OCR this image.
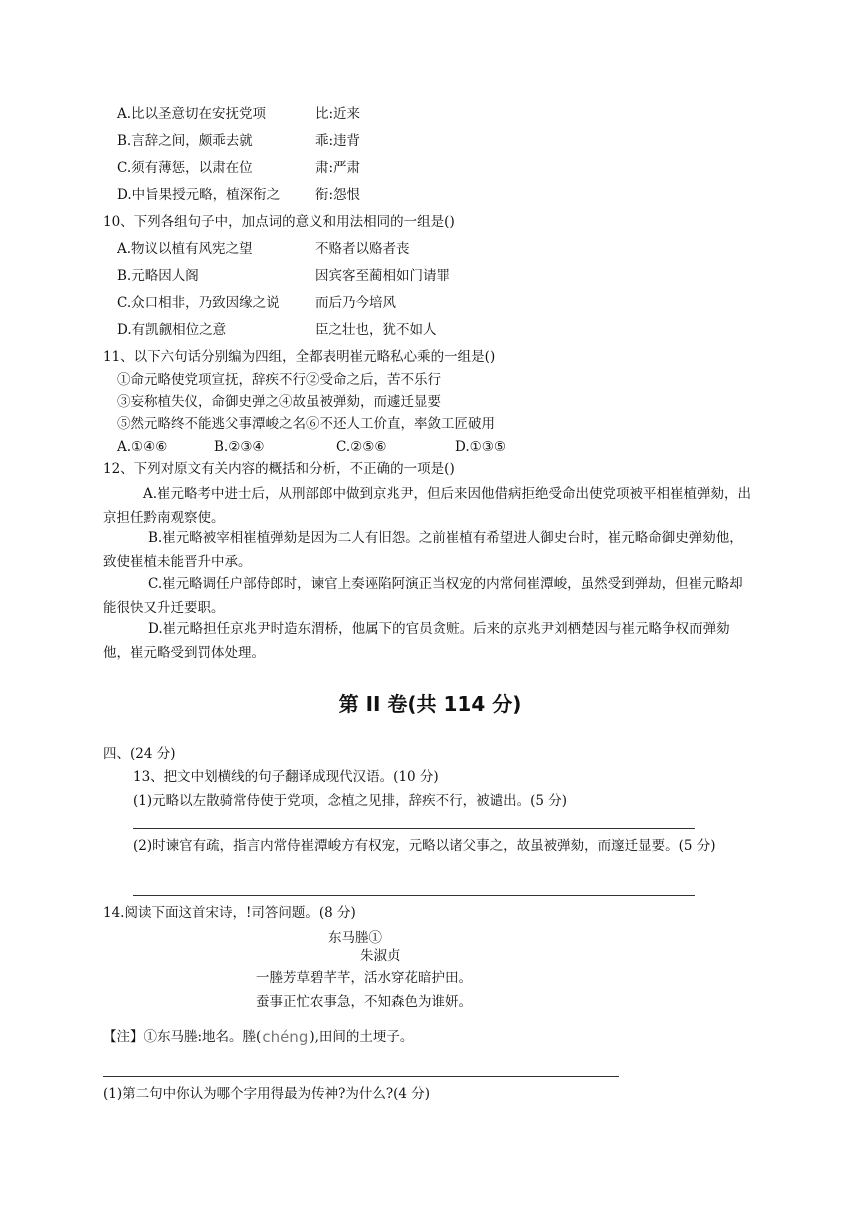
A.比以圣意切在安抚党项	比:近来
B.言辞之间，颇乖去就	乖:违背
C.须有薄惩，以肃在位	肃:严肃
D.中旨果授元略，植深衔之	衔:怨恨
10、下列各组句子中，加点词的意义和用法相同的一组是()
A.物议以植有风宪之望	不赂者以赂者丧
B.元略因人阁	因宾客至蔺相如门请罪
C.众口相非，乃致因缘之说	而后乃今培风
D.有凯觎相位之意	臣之壮也，犹不如人
11、以下六句话分别编为四组，全都表明崔元略私心乘的一组是()
①命元略使党项宣抚，辞疾不行②受命之后，苦不乐行
③妄称植失仪，命御史弹之④故虽被弹劾，而遽迁显要
⑤然元略终不能逃父事潭峻之名⑥不还人工价直，率敛工匠破用
A.①④⑥	B.②③④	C.②⑤⑥	D.①③⑤
12、下列对原文有关内容的概括和分析，不正确的一项是()
A.崔元略考中进士后，从刑部郎中做到京兆尹，但后来因他借病拒绝受命出使党项被平相崔植弹劾，出京担任黔南观察使。
B.崔元略被宰相崔植弹劾是因为二人有旧怨。之前崔植有希望进人御史台时，崔元略命御史弹劾他，致使崔植未能晋升中承。
C.崔元略调任户部侍郎时，谏官上奏诬陷阿演正当权宠的内常伺崔潭峻，虽然受到弹劫，但崔元略却能很快又升迁要职。
D.崔元略担任京兆尹时造东渭桥，他属下的官员贪赃。后来的京兆尹刘栖楚因与崔元略争权而弹劾他，崔元略受到罚体处理。
第 II 卷(共 114 分)
四、(24 分)
13、把文中划横线的句子翻译成现代汉语。(10 分)
(1)元略以左散骑常侍使于党项，念植之见排，辞疾不行，被谴出。(5 分)
(2)时谏官有疏，指言内常侍崔潭峻方有权宠，元略以诸父事之，故虽被弹劾，而邃迁显要。(5 分)
14.阅读下面这首宋诗，!司答问题。(8 分)
东马塍①
朱淑贞
一塍芳草碧芊芊，活水穿花暗护田。
蚕事正忙农事急，不知森色为谁妍。
【注】①东马塍:地名。塍(chéng),田间的土埂子。
(1)第二句中你认为哪个字用得最为传神?为什么?(4 分)
